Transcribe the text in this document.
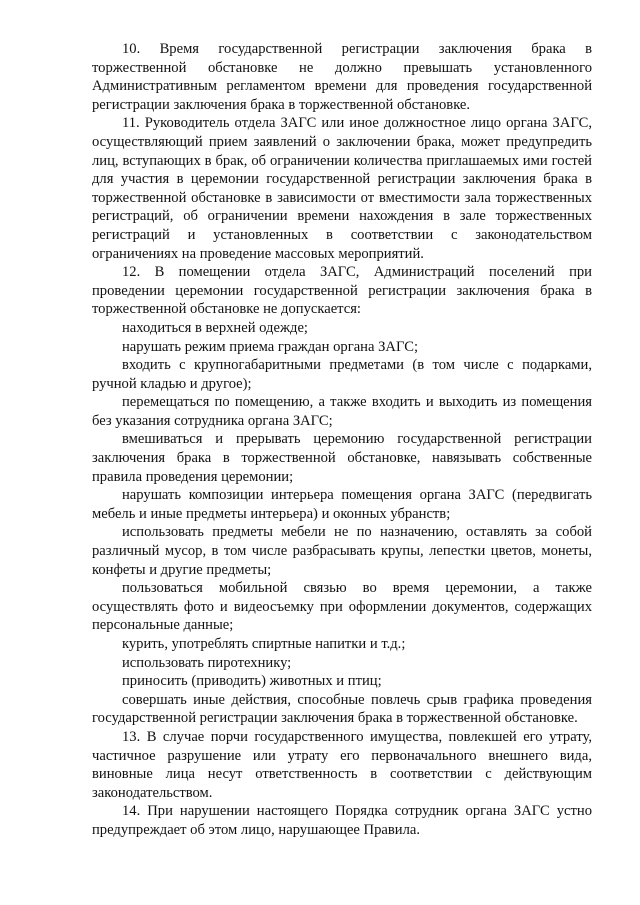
10. Время государственной регистрации заключения брака в торжественной обстановке не должно превышать установленного Административным регламентом времени для проведения государственной регистрации заключения брака в торжественной обстановке.

11. Руководитель отдела ЗАГС или иное должностное лицо органа ЗАГС, осуществляющий прием заявлений о заключении брака, может предупредить лиц, вступающих в брак, об ограничении количества приглашаемых ими гостей для участия в церемонии государственной регистрации заключения брака в торжественной обстановке в зависимости от вместимости зала торжественных регистраций, об ограничении времени нахождения в зале торжественных регистраций и установленных в соответствии с законодательством ограничениях на проведение массовых мероприятий.

12. В помещении отдела ЗАГС, Администраций поселений при проведении церемонии государственной регистрации заключения брака в торжественной обстановке не допускается:

находиться в верхней одежде;

нарушать режим приема граждан органа ЗАГС;

входить с крупногабаритными предметами (в том числе с подарками, ручной кладью и другое);

перемещаться по помещению, а также входить и выходить из помещения без указания сотрудника органа ЗАГС;

вмешиваться и прерывать церемонию государственной регистрации заключения брака в торжественной обстановке, навязывать собственные правила проведения церемонии;

нарушать композиции интерьера помещения органа ЗАГС (передвигать мебель и иные предметы интерьера) и оконных убранств;

использовать предметы мебели не по назначению, оставлять за собой различный мусор, в том числе разбрасывать крупы, лепестки цветов, монеты, конфеты и другие предметы;

пользоваться мобильной связью во время церемонии, а также осуществлять фото и видеосъемку при оформлении документов, содержащих персональные данные;

курить, употреблять спиртные напитки и т.д.;

использовать пиротехнику;

приносить (приводить) животных и птиц;

совершать иные действия, способные повлечь срыв графика проведения государственной регистрации заключения брака в торжественной обстановке.

13. В случае порчи государственного имущества, повлекшей его утрату, частичное разрушение или утрату его первоначального внешнего вида, виновные лица несут ответственность в соответствии с действующим законодательством.

14. При нарушении настоящего Порядка сотрудник органа ЗАГС устно предупреждает об этом лицо, нарушающее Правила.
